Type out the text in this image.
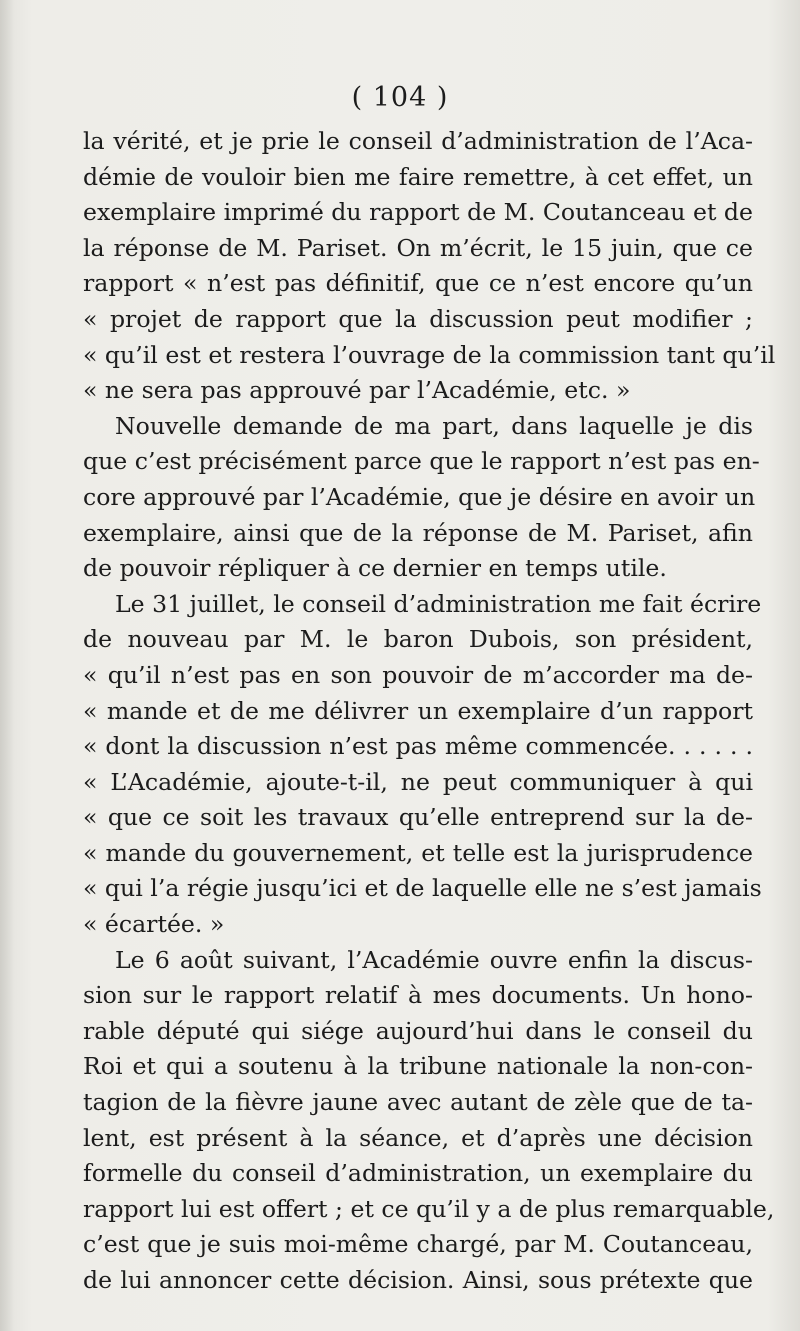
( 104 )
la vérité, et je prie le conseil d’administration de l’Aca-
démie de vouloir bien me faire remettre, à cet effet, un
exemplaire imprimé du rapport de M. Coutanceau et de
la réponse de M. Pariset. On m’écrit, le 15 juin, que ce
rapport « n’est pas définitif, que ce n’est encore qu’un
« projet de rapport que la discussion peut modifier ;
« qu’il est et restera l’ouvrage de la commission tant qu’il
« ne sera pas approuvé par l’Académie, etc. »
Nouvelle demande de ma part, dans laquelle je dis
que c’est précisément parce que le rapport n’est pas en-
core approuvé par l’Académie, que je désire en avoir un
exemplaire, ainsi que de la réponse de M. Pariset, afin
de pouvoir répliquer à ce dernier en temps utile.
Le 31 juillet, le conseil d’administration me fait écrire
de nouveau par M. le baron Dubois, son président,
« qu’il n’est pas en son pouvoir de m’accorder ma de-
« mande et de me délivrer un exemplaire d’un rapport
« dont la discussion n’est pas même commencée. . . . . .
« L’Académie, ajoute-t-il, ne peut communiquer à qui
« que ce soit les travaux qu’elle entreprend sur la de-
« mande du gouvernement, et telle est la jurisprudence
« qui l’a régie jusqu’ici et de laquelle elle ne s’est jamais
« écartée. »
Le 6 août suivant, l’Académie ouvre enfin la discus-
sion sur le rapport relatif à mes documents. Un hono-
rable député qui siége aujourd’hui dans le conseil du
Roi et qui a soutenu à la tribune nationale la non-con-
tagion de la fièvre jaune avec autant de zèle que de ta-
lent, est présent à la séance, et d’après une décision
formelle du conseil d’administration, un exemplaire du
rapport lui est offert ; et ce qu’il y a de plus remarquable,
c’est que je suis moi-même chargé, par M. Coutanceau,
de lui annoncer cette décision. Ainsi, sous prétexte que
